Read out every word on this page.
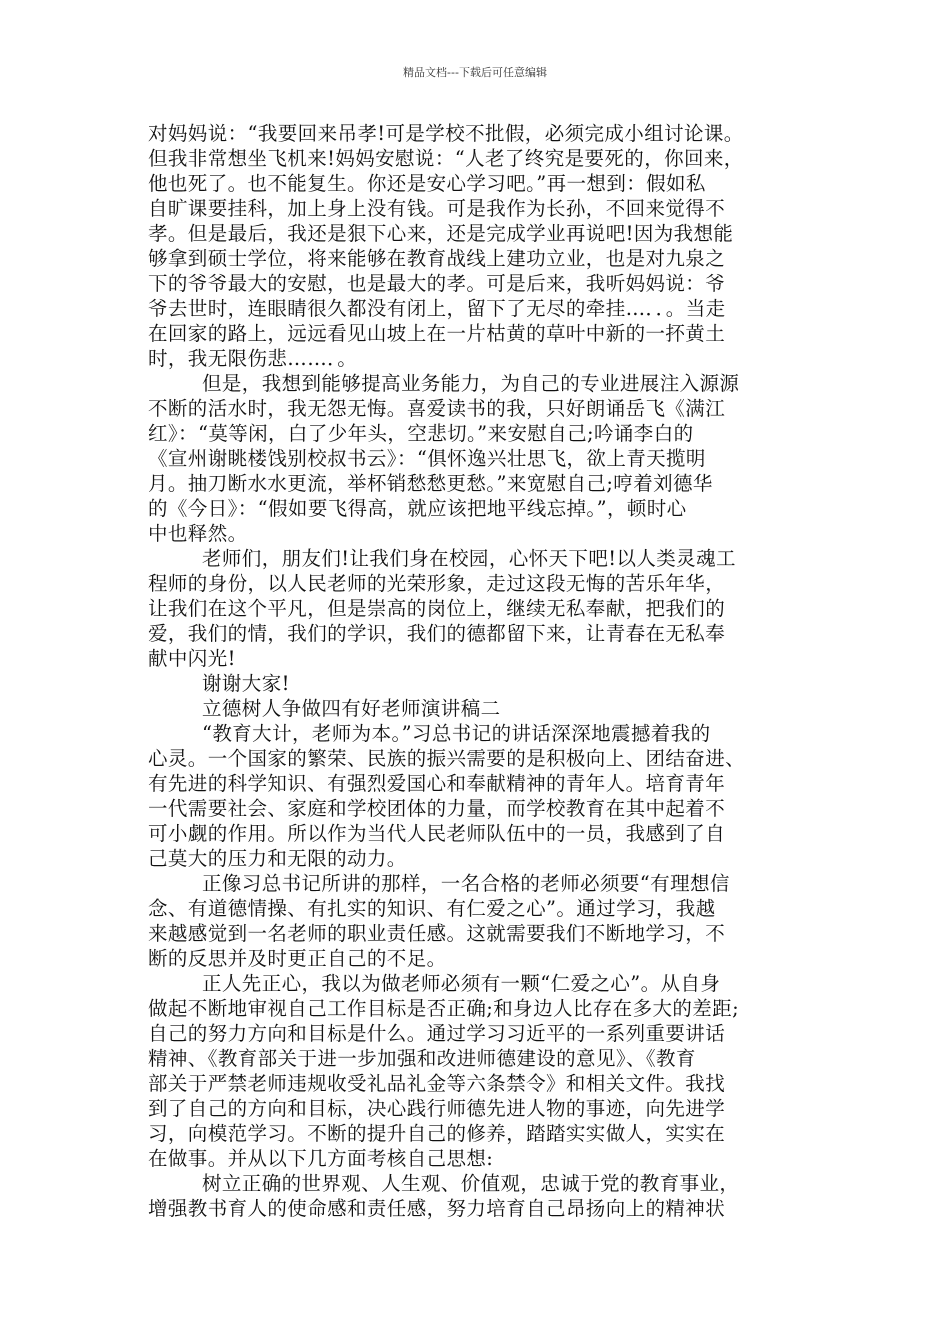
精品文档---下载后可任意编辑
对妈妈说：“我要回来吊孝!可是学校不批假，必须完成小组讨论课。
但我非常想坐飞机来!妈妈安慰说：“人老了终究是要死的，你回来，
他也死了。也不能复生。你还是安心学习吧。”再一想到：假如私
自旷课要挂科，加上身上没有钱。可是我作为长孙，不回来觉得不
孝。但是最后，我还是狠下心来，还是完成学业再说吧!因为我想能
够拿到硕士学位，将来能够在教育战线上建功立业，也是对九泉之
下的爷爷最大的安慰，也是最大的孝。可是后来，我听妈妈说：爷
爷去世时，连眼睛很久都没有闭上，留下了无尽的牵挂…．．。当走
在回家的路上，远远看见山坡上在一片枯黄的草叶中新的一抔黄土
时，我无限伤悲……．。
但是，我想到能够提高业务能力，为自己的专业进展注入源源
不断的活水时，我无怨无悔。喜爱读书的我，只好朗诵岳飞《满江
红》：“莫等闲，白了少年头，空悲切。”来安慰自己;吟诵李白的
《宣州谢眺楼饯别校叔书云》：“俱怀逸兴壮思飞，欲上青天揽明
月。抽刀断水水更流，举杯销愁愁更愁。”来宽慰自己;哼着刘德华
的《今日》：“假如要飞得高，就应该把地平线忘掉。”，顿时心
中也释然。
老师们，朋友们!让我们身在校园，心怀天下吧!以人类灵魂工
程师的身份，以人民老师的光荣形象，走过这段无悔的苦乐年华，
让我们在这个平凡，但是崇高的岗位上，继续无私奉献，把我们的
爱，我们的情，我们的学识，我们的德都留下来，让青春在无私奉
献中闪光!
谢谢大家!
立德树人争做四有好老师演讲稿二
“教育大计，老师为本。”习总书记的讲话深深地震撼着我的
心灵。一个国家的繁荣、民族的振兴需要的是积极向上、团结奋进、
有先进的科学知识、有强烈爱国心和奉献精神的青年人。培育青年
一代需要社会、家庭和学校团体的力量，而学校教育在其中起着不
可小觑的作用。所以作为当代人民老师队伍中的一员，我感到了自
己莫大的压力和无限的动力。
正像习总书记所讲的那样，一名合格的老师必须要“有理想信
念、有道德情操、有扎实的知识、有仁爱之心”。通过学习，我越
来越感觉到一名老师的职业责任感。这就需要我们不断地学习，不
断的反思并及时更正自己的不足。
正人先正心，我以为做老师必须有一颗“仁爱之心”。从自身
做起不断地审视自己工作目标是否正确;和身边人比存在多大的差距;
自己的努力方向和目标是什么。通过学习习近平的一系列重要讲话
精神、《教育部关于进一步加强和改进师德建设的意见》、《教育
部关于严禁老师违规收受礼品礼金等六条禁令》和相关文件。我找
到了自己的方向和目标，决心践行师德先进人物的事迹，向先进学
习，向模范学习。不断的提升自己的修养，踏踏实实做人，实实在
在做事。并从以下几方面考核自己思想:
树立正确的世界观、人生观、价值观，忠诚于党的教育事业，
增强教书育人的使命感和责任感，努力培育自己昂扬向上的精神状
